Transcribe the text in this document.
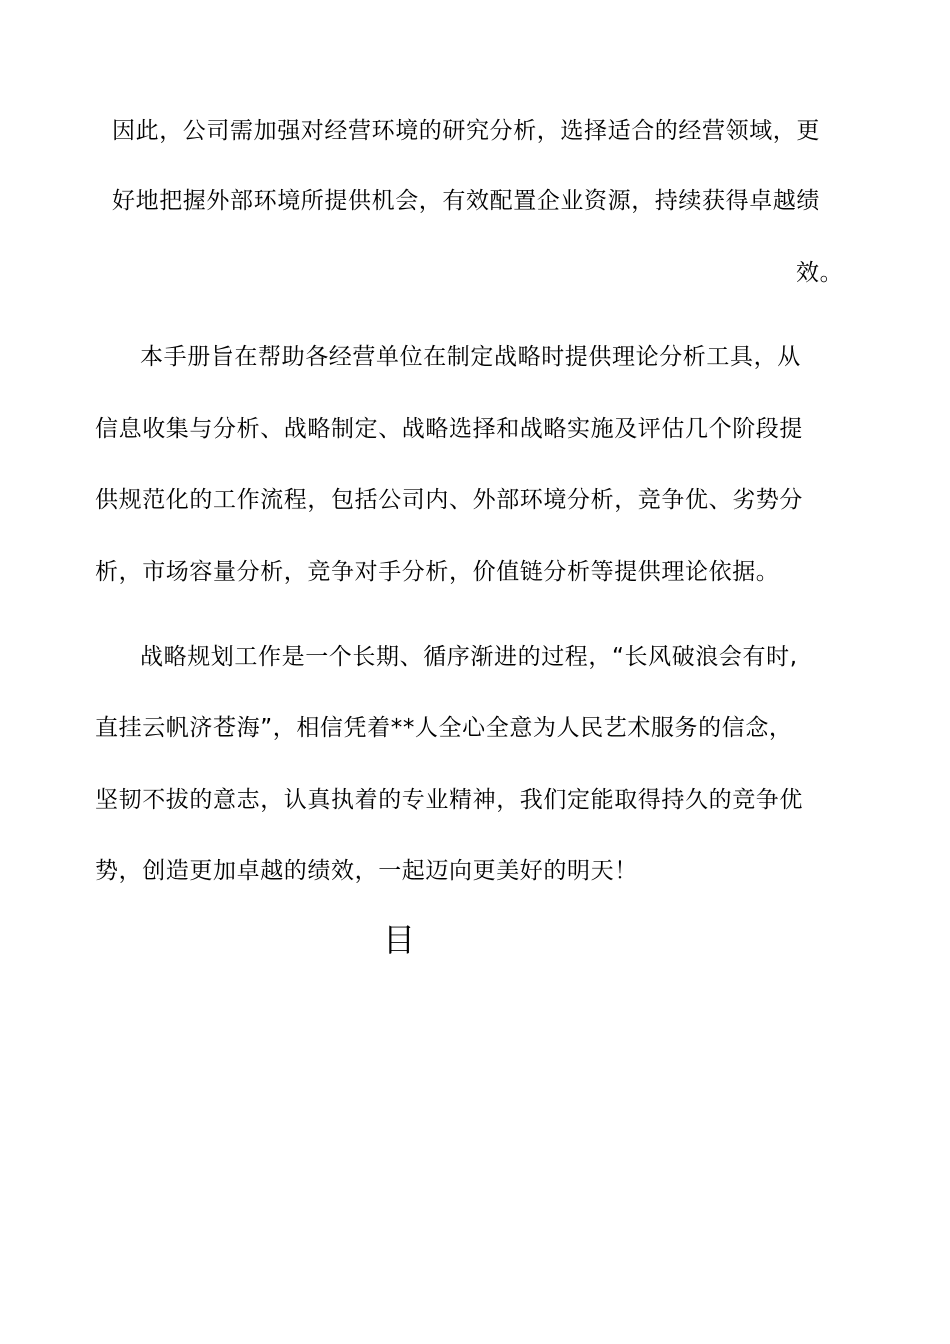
因此，公司需加强对经营环境的研究分析，选择适合的经营领域，更
好地把握外部环境所提供机会，有效配置企业资源，持续获得卓越绩
效。
本手册旨在帮助各经营单位在制定战略时提供理论分析工具，从
信息收集与分析、战略制定、战略选择和战略实施及评估几个阶段提
供规范化的工作流程，包括公司内、外部环境分析，竞争优、劣势分
析，市场容量分析，竞争对手分析，价值链分析等提供理论依据。
战略规划工作是一个长期、循序渐进的过程，“长风破浪会有时,
直挂云帆济苍海”，相信凭着**人全心全意为人民艺术服务的信念，
坚韧不拔的意志，认真执着的专业精神，我们定能取得持久的竞争优
势，创造更加卓越的绩效，一起迈向更美好的明天！
目
